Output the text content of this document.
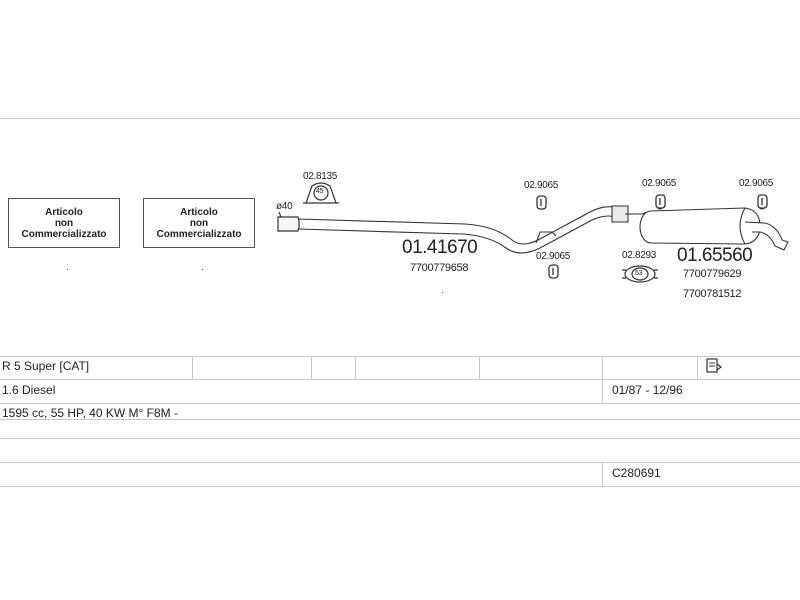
Articolo
non
Commercializzato
Articolo
non
Commercializzato
.	.
ø40
02.8135
45
01.41670
7700779658
.
02.9065
02.9065
02.9065	02.9065
02.8293
53
01.65560
7700779629
7700781512
R 5 Super [CAT]
1.6 Diesel	01/87 - 12/96
1595 cc, 55 HP, 40 KW M° F8M -
C280691
